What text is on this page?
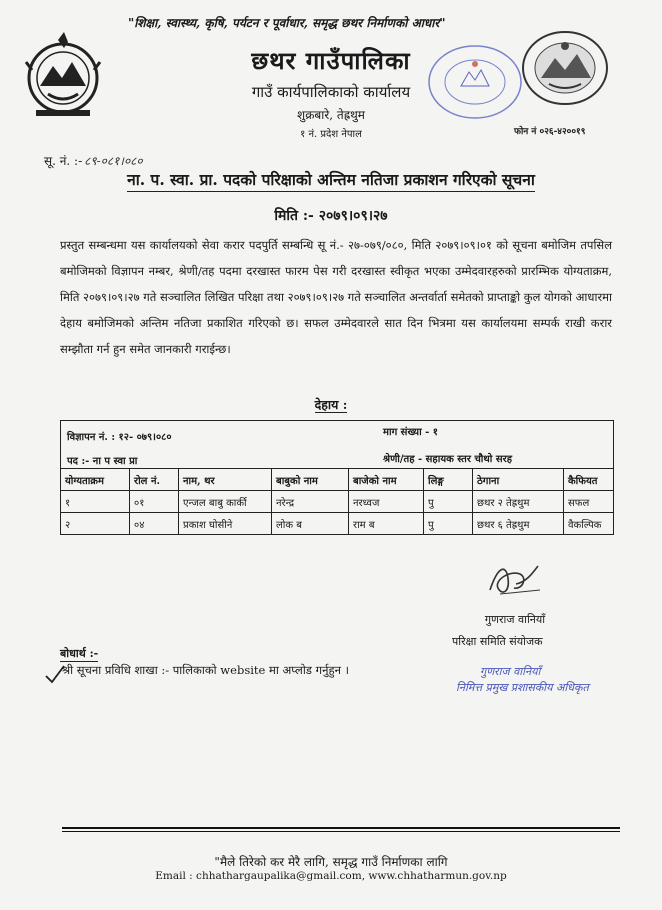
"शिक्षा, स्वास्थ्य, कृषि, पर्यटन र पूर्वाधार, समृद्ध छथर निर्माणको आधार"
छथर गाउँपालिका
गाउँ कार्यपालिकाको कार्यालय
शुक्रबारे, तेह्रथुम
१ नं. प्रदेश नेपाल	फोन नं ०२६-४२००१९
सू. नं. :- ८९-०८१।०८०
ना. प. स्वा. प्रा. पदको परिक्षाको अन्तिम नतिजा प्रकाशन गरिएको सूचना
मिति :- २०७९।०९।२७
प्रस्तुत सम्बन्धमा यस कार्यालयको सेवा करार पदपुर्ति सम्बन्धि सू नं.- २७-०७९/०८०, मिति २०७९।०९।०१ को सूचना बमोजिम तपसिल बमोजिमको विज्ञापन नम्बर, श्रेणी/तह पदमा दरखास्त फारम पेस गरी दरखास्त स्वीकृत भएका उम्मेदवारहरुको प्रारम्भिक योग्यताक्रम, मिति २०७९।०९।२७ गते सञ्चालित लिखित परिक्षा तथा २०७९।०९।२७ गते सञ्चालित अन्तर्वार्ता समेतको प्राप्ताङ्को कुल योगको आधारमा देहाय बमोजिमको अन्तिम नतिजा प्रकाशित गरिएको छ। सफल उम्मेदवारले सात दिन भित्रमा यस कार्यालयमा सम्पर्क राखी करार सम्झौता गर्न हुन समेत जानकारी गराईन्छ।
देहाय :
विज्ञापन नं. : १२- ०७९।०८०	माग संख्या - १
पद :- ना प स्वा प्रा	श्रेणी/तह - सहायक स्तर चौथो सरह
योग्यताक्रम	रोल नं.	नाम, थर	बाबुको नाम	बाजेको नाम	लिङ्ग	ठेगाना	कैफियत
१	०१	एन्जल बाबु कार्की	नरेन्द्र	नरध्वज	पु	छथर २ तेह्रथुम	सफल
२	०४	प्रकाश घोसीने	लोक ब	राम ब	पु	छथर ६ तेह्रथुम	वैकल्पिक
गुणराज वानियाँ
परिक्षा समिति संयोजक
बोधार्थ :-
श्री सूचना प्रविधि शाखा :- पालिकाको website मा अप्लोड गर्नुहुन ।	गुणराज वानियाँ
निमित्त प्रमुख प्रशासकीय अधिकृत
"मैले तिरेको कर मेरै लागि, समृद्ध गाउँ निर्माणका लागि
Email : chhathargaupalika@gmail.com, www.chhatharmun.gov.np
